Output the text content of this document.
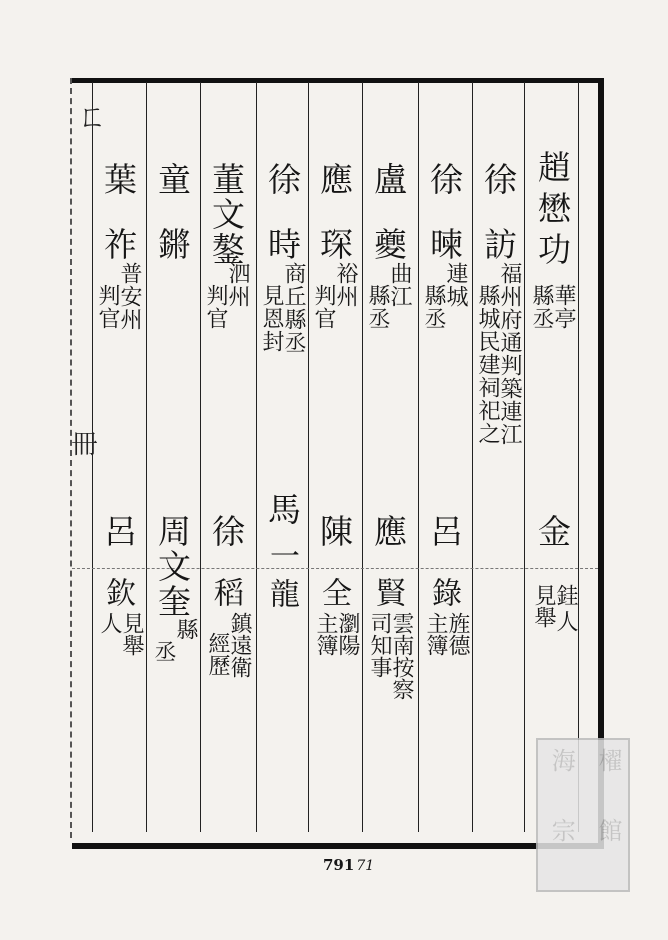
ㄈ
冊
趙懋功
華亭
縣丞
金
銈
見舉
人
徐
訪
福州府通判築連江
縣城民建祠祀之
徐
暕
連城
縣丞
呂
錄
旌德
主簿
盧
夔
曲江
縣丞
應
賢
雲南按察
司知事
應
琛
裕州
判官
陳
全
瀏陽
主簿
徐
時
商丘縣丞
見恩封
馬
一龍
董文鏊
泗州
判官
徐
稻
鎮遠衛
經歷
童
鏘
周文奎
縣
丞
葉
祚
普安州
判官
呂
欽
見舉
人
791 71
櫂
館
海
宗
